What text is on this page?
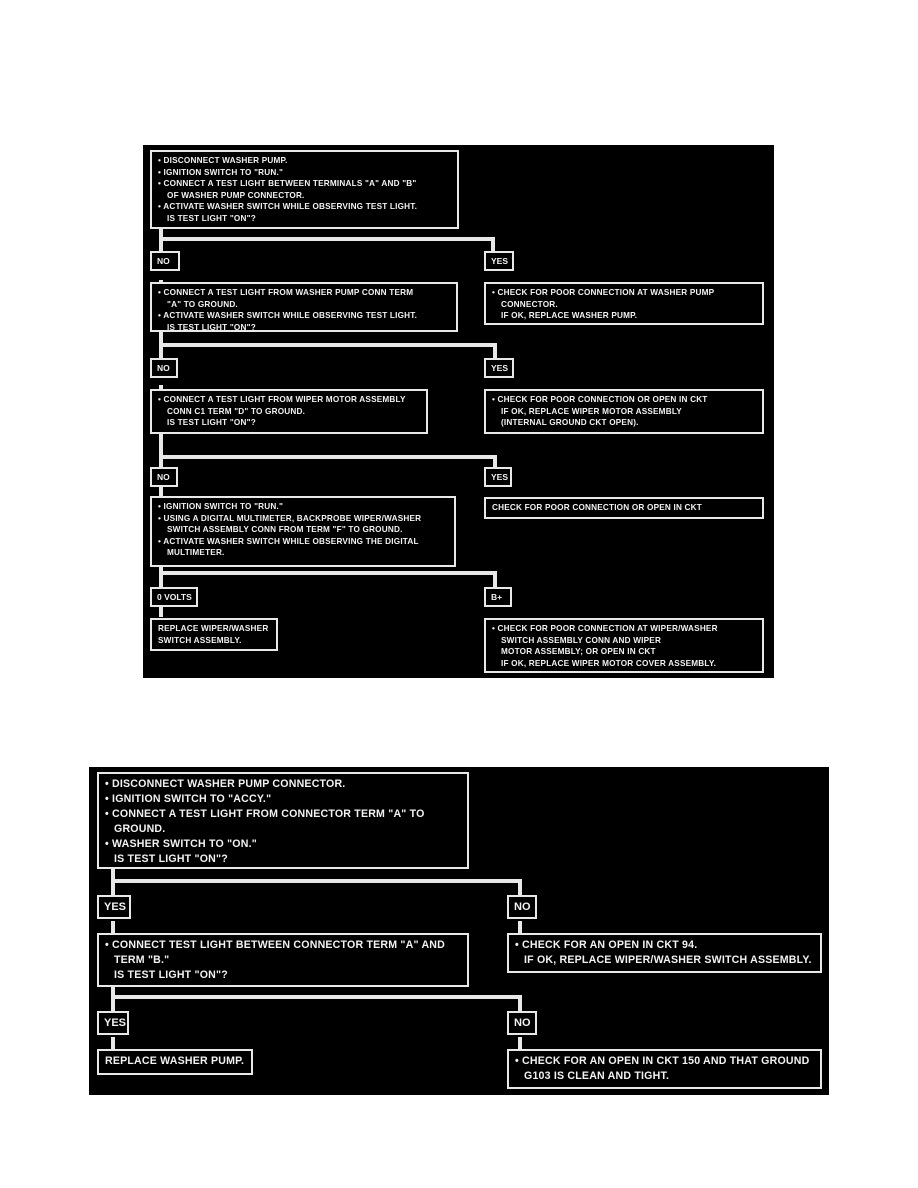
• DISCONNECT WASHER PUMP.
• IGNITION SWITCH TO "RUN."
• CONNECT A TEST LIGHT BETWEEN TERMINALS "A" AND "B"
OF WASHER PUMP CONNECTOR.
• ACTIVATE WASHER SWITCH WHILE OBSERVING TEST LIGHT.
IS TEST LIGHT "ON"?
NO	YES
• CONNECT A TEST LIGHT FROM WASHER PUMP CONN TERM
"A" TO GROUND.
• ACTIVATE WASHER SWITCH WHILE OBSERVING TEST LIGHT.
IS TEST LIGHT "ON"?
• CHECK FOR POOR CONNECTION AT WASHER PUMP
CONNECTOR.
IF OK, REPLACE WASHER PUMP.
NO	YES
• CONNECT A TEST LIGHT FROM WIPER MOTOR ASSEMBLY
CONN C1 TERM "D" TO GROUND.
IS TEST LIGHT "ON"?
• CHECK FOR POOR CONNECTION OR OPEN IN CKT
IF OK, REPLACE WIPER MOTOR ASSEMBLY
(INTERNAL GROUND CKT OPEN).
NO	YES
• IGNITION SWITCH TO "RUN."
• USING A DIGITAL MULTIMETER, BACKPROBE WIPER/WASHER
SWITCH ASSEMBLY CONN FROM TERM "F" TO GROUND.
• ACTIVATE WASHER SWITCH WHILE OBSERVING THE DIGITAL
MULTIMETER.
CHECK FOR POOR CONNECTION OR OPEN IN CKT
0 VOLTS	B+
REPLACE WIPER/WASHER
SWITCH ASSEMBLY.
• CHECK FOR POOR CONNECTION AT WIPER/WASHER
SWITCH ASSEMBLY CONN AND WIPER
MOTOR ASSEMBLY; OR OPEN IN CKT
IF OK, REPLACE WIPER MOTOR COVER ASSEMBLY.
• DISCONNECT WASHER PUMP CONNECTOR.
• IGNITION SWITCH TO "ACCY."
• CONNECT A TEST LIGHT FROM CONNECTOR TERM "A" TO
GROUND.
• WASHER SWITCH TO "ON."
IS TEST LIGHT "ON"?
YES	NO
• CONNECT TEST LIGHT BETWEEN CONNECTOR TERM "A" AND
TERM "B."
IS TEST LIGHT "ON"?
• CHECK FOR AN OPEN IN CKT 94.
IF OK, REPLACE WIPER/WASHER SWITCH ASSEMBLY.
YES	NO
REPLACE WASHER PUMP.	• CHECK FOR AN OPEN IN CKT 150 AND THAT GROUND
G103 IS CLEAN AND TIGHT.
